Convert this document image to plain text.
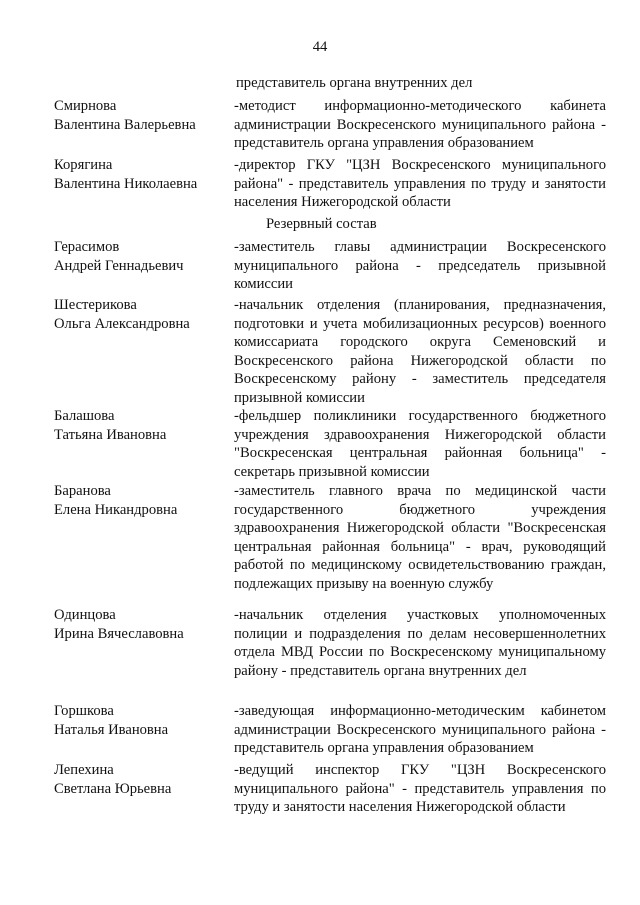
44
представитель органа внутренних дел
Смирнова
Валентина Валерьевна
-методист информационно-методического кабинета администрации Воскресенского муниципального района - представитель органа управления образованием
Корягина
Валентина Николаевна
-директор ГКУ "ЦЗН Воскресенского муниципального района" - представитель управления по труду и занятости населения Нижегородской области
Резервный состав
Герасимов
Андрей Геннадьевич
-заместитель главы администрации Воскресенского муниципального района - председатель призывной комиссии
Шестерикова
Ольга Александровна
-начальник отделения (планирования, предназначения, подготовки и учета мобилизационных ресурсов) военного комиссариата городского округа Семеновский и Воскресенского района Нижегородской области по Воскресенскому району - заместитель председателя призывной комиссии
Балашова
Татьяна Ивановна
-фельдшер поликлиники государственного бюджетного учреждения здравоохранения Нижегородской области "Воскресенская центральная районная больница" - секретарь призывной комиссии
Баранова
Елена Никандровна
-заместитель главного врача по медицинской части государственного бюджетного учреждения здравоохранения Нижегородской области "Воскресенская центральная районная больница" - врач, руководящий работой по медицинскому освидетельствованию граждан, подлежащих призыву на военную службу
Одинцова
Ирина Вячеславовна
-начальник отделения участковых уполномоченных полиции и подразделения по делам несовершеннолетних отдела МВД России по Воскресенскому муниципальному району - представитель органа внутренних дел
Горшкова
Наталья Ивановна
-заведующая информационно-методическим кабинетом администрации Воскресенского муниципального района - представитель органа управления образованием
Лепехина
Светлана Юрьевна
-ведущий инспектор ГКУ "ЦЗН Воскресенского муниципального района" - представитель управления по труду и занятости населения Нижегородской области
